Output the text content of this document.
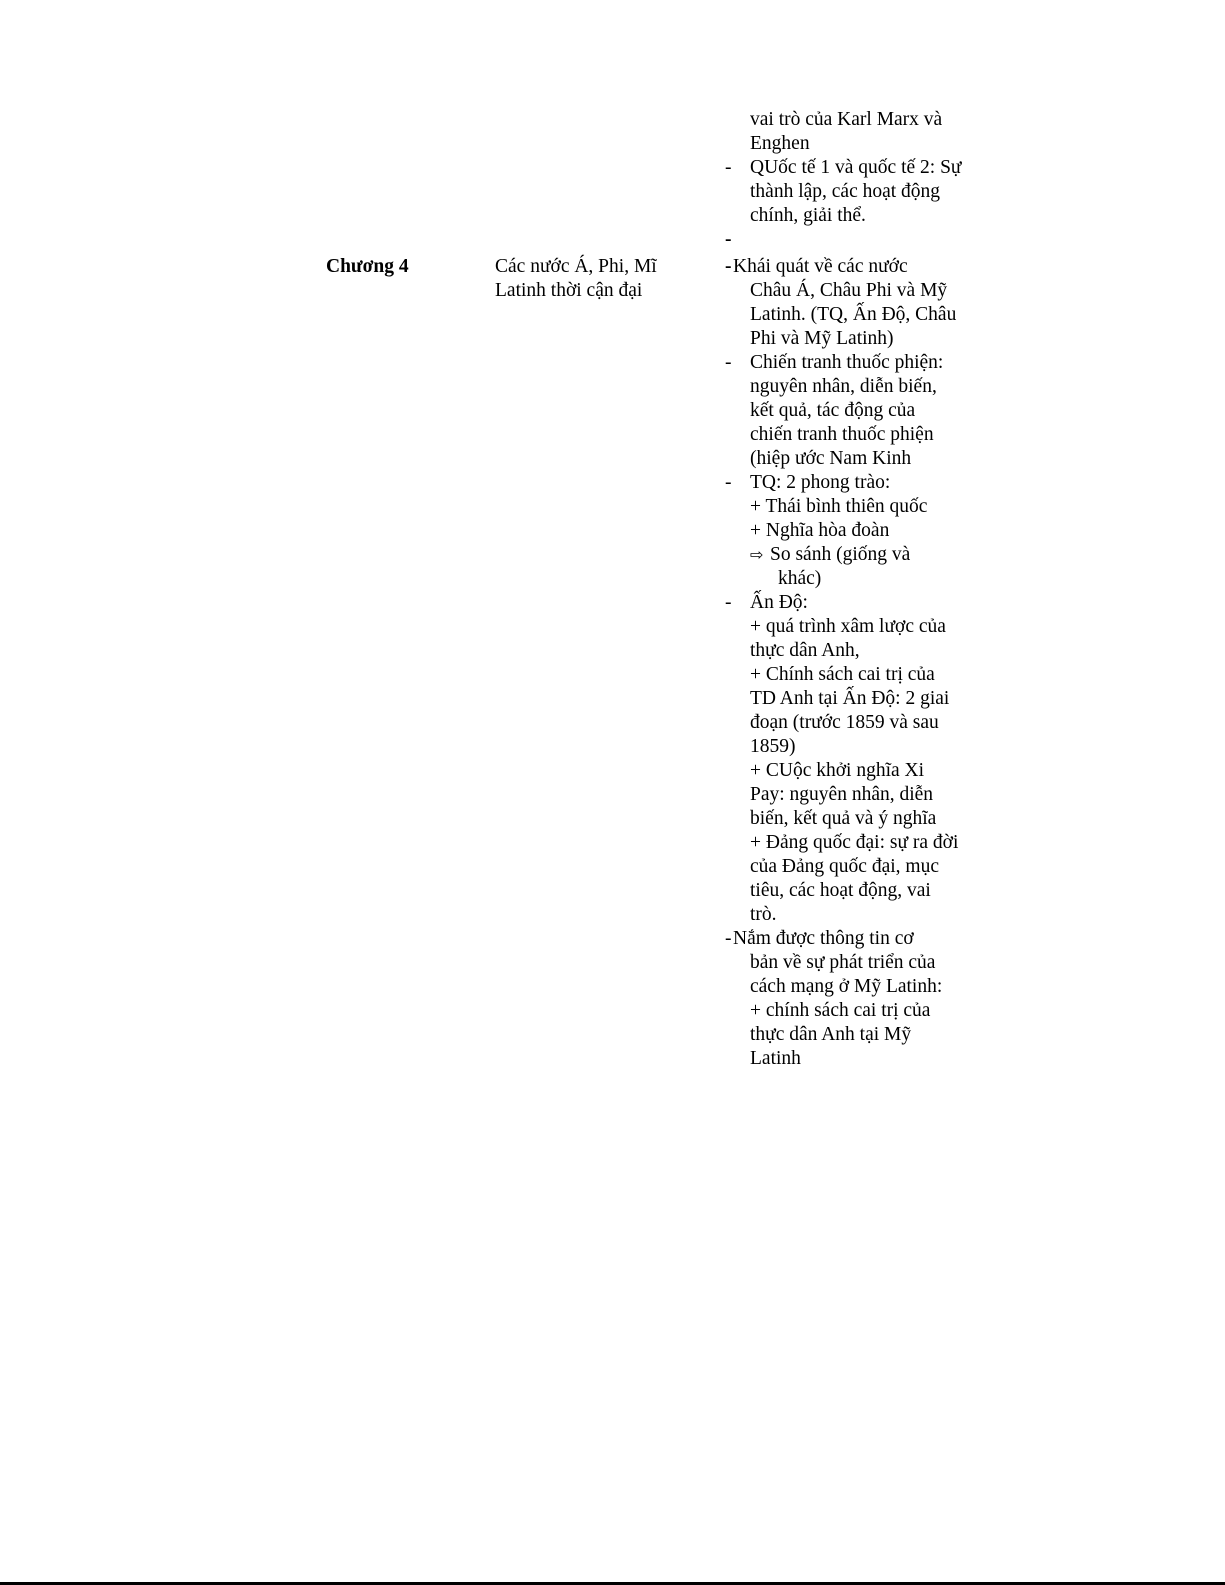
vai trò của Karl Marx và
Enghen
- QUốc tế 1 và quốc tế 2: Sự
thành lập, các hoạt động
chính, giải thể.
-
Chương 4	Các nước Á, Phi, Mĩ
Latinh thời cận đại
- Khái quát về các nước
Châu Á, Châu Phi và Mỹ
Latinh. (TQ, Ấn Độ, Châu
Phi và Mỹ Latinh)
- Chiến tranh thuốc phiện:
nguyên nhân, diễn biến,
kết quả, tác động của
chiến tranh thuốc phiện
(hiệp ước Nam Kinh
- TQ: 2 phong trào:
+ Thái bình thiên quốc
+ Nghĩa hòa đoàn
⇨ So sánh (giống và
khác)
- Ấn Độ:
+ quá trình xâm lược của
thực dân Anh,
+ Chính sách cai trị của
TD Anh tại Ấn Độ: 2 giai
đoạn (trước 1859 và sau
1859)
+ CUộc khởi nghĩa Xi
Pay: nguyên nhân, diễn
biến, kết quả và ý nghĩa
+ Đảng quốc đại: sự ra đời
của Đảng quốc đại, mục
tiêu, các hoạt động, vai
trò.
- Nắm được thông tin cơ
bản về sự phát triển của
cách mạng ở Mỹ Latinh:
+ chính sách cai trị của
thực dân Anh tại Mỹ
Latinh
